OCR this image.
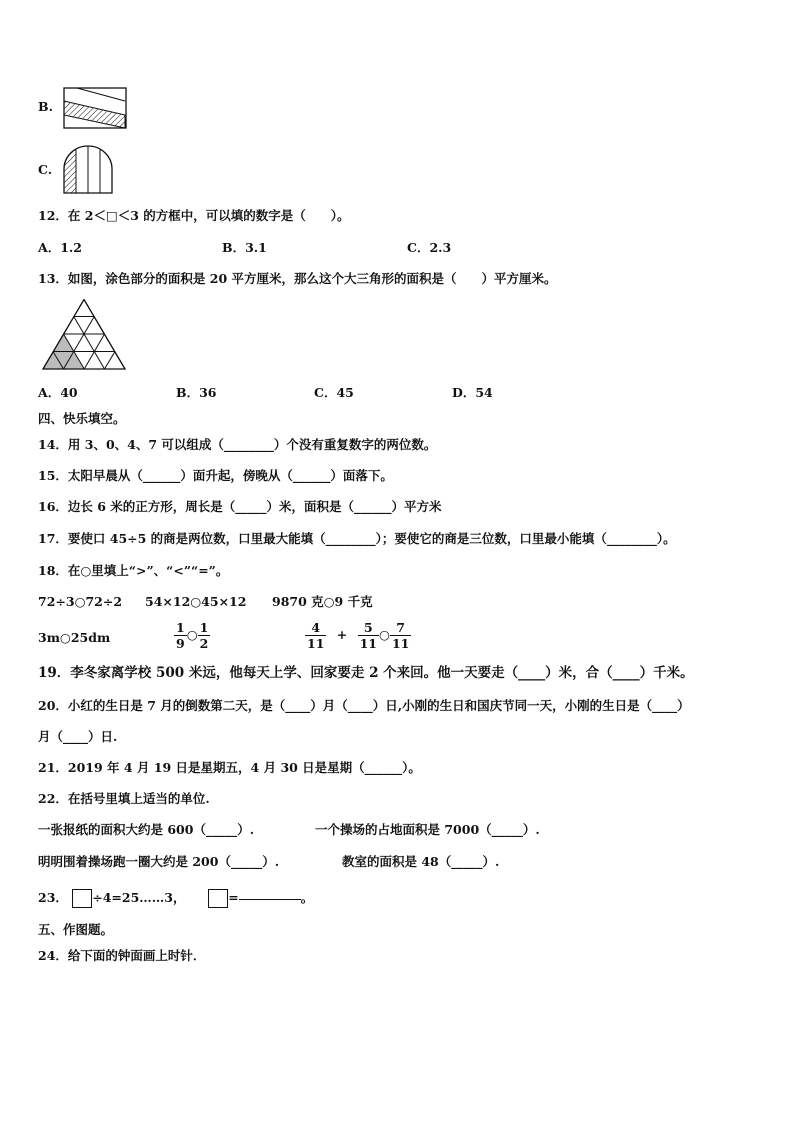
B.
C.
12．在 2＜□＜3 的方框中，可以填的数字是（　　）。
A．1.2	B．3.1	C．2.3
13．如图，涂色部分的面积是 20 平方厘米，那么这个大三角形的面积是（　　）平方厘米。
A．40	B．36	C．45	D．54
四、快乐填空。
14．用 3、0、4、7 可以组成（________）个没有重复数字的两位数。
15．太阳早晨从（______）面升起，傍晚从（______）面落下。
16．边长 6 米的正方形，周长是（_____）米，面积是（______）平方米
17．要使口 45÷5 的商是两位数，口里最大能填（________）；要使它的商是三位数，口里最小能填（________）。
18．在○里填上“>”、“<”“=”。
72÷3○72÷2 54×12○45×12 9870 克○9 千克
3m○25dm	$\frac{1}{9}$ ○ $\frac{1}{2}$	$\frac{4}{11} + \frac{5}{11}$ ○ $\frac{7}{11}$
19．李冬家离学校 500 米远，他每天上学、回家要走 2 个来回。他一天要走（____）米，合（____）千米。
20．小红的生日是 7 月的倒数第二天，是（____）月（____）日,小刚的生日和国庆节同一天，小刚的生日是（____）
月（____）日.
21．2019 年 4 月 19 日是星期五，4 月 30 日是星期（______）。
22．在括号里填上适当的单位.
一张报纸的面积大约是 600（_____）.	一个操场的占地面积是 7000（_____）.
明明围着操场跑一圈大约是 200（_____）.	教室的面积是 48（_____）.
23． ÷4=25……3，	=	。
五、作图题。
24．给下面的钟面画上时针．
